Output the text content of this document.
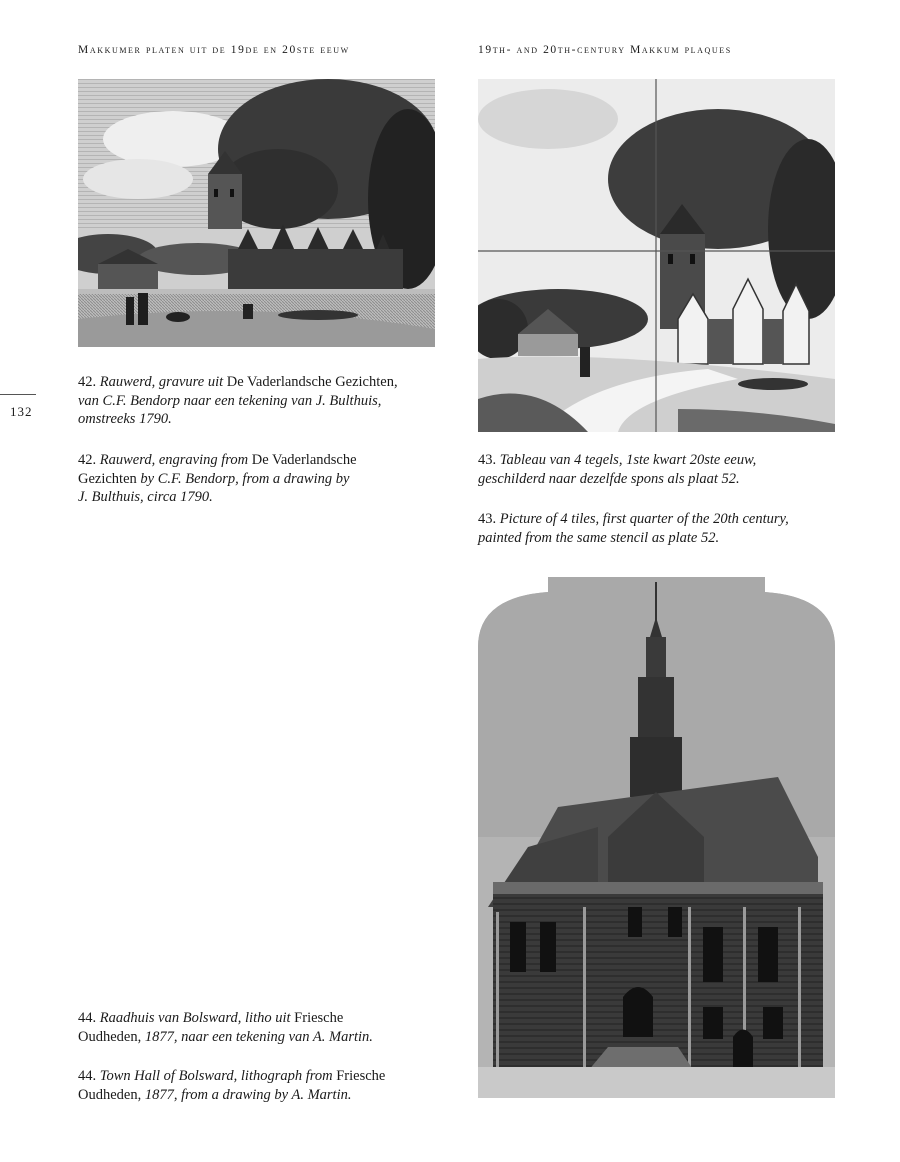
Makkumer platen uit de 19de en 20ste eeuw	19th- and 20th-century Makkum plaques
132
42. Rauwerd, gravure uit De Vaderlandsche Gezichten,
van C.F. Bendorp naar een tekening van J. Bulthuis,
omstreeks 1790.
42. Rauwerd, engraving from De Vaderlandsche
Gezichten by C.F. Bendorp, from a drawing by
J. Bulthuis, circa 1790.
43. Tableau van 4 tegels, 1ste kwart 20ste eeuw,
geschilderd naar dezelfde spons als plaat 52.
43. Picture of 4 tiles, first quarter of the 20th century,
painted from the same stencil as plate 52.
44. Raadhuis van Bolsward, litho uit Friesche
Oudheden, 1877, naar een tekening van A. Martin.
44. Town Hall of Bolsward, lithograph from Friesche
Oudheden, 1877, from a drawing by A. Martin.
